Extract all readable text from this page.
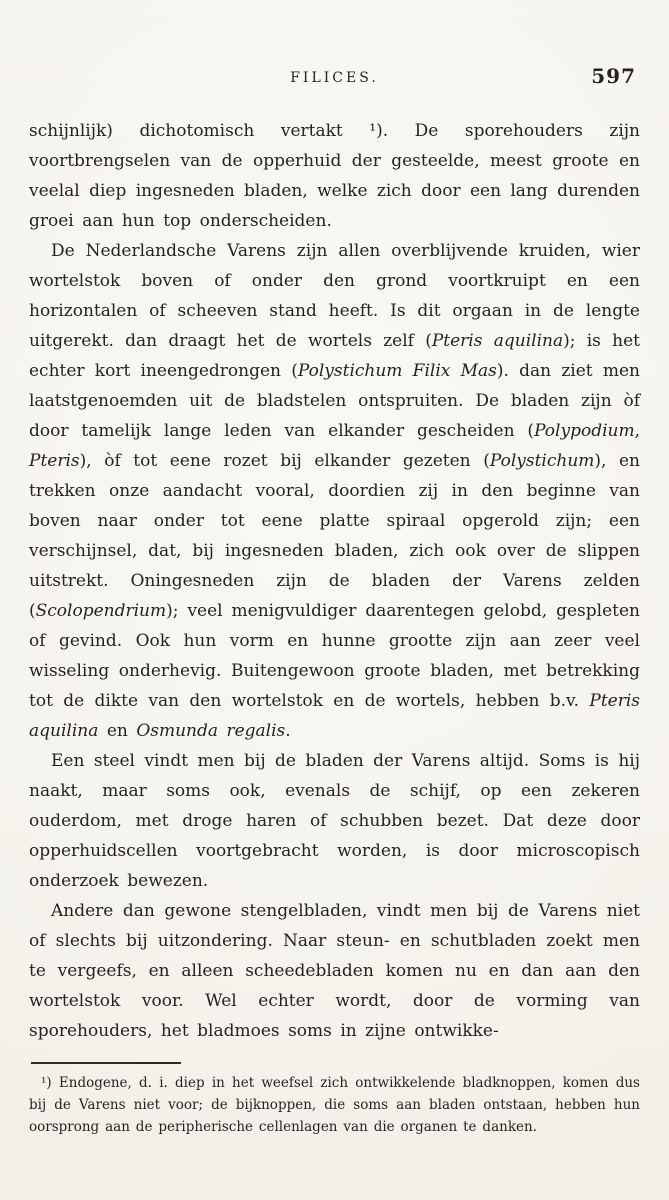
FILICES.	597

schijnlijk) dichotomisch vertakt ¹). De sporehouders zijn voortbrengselen van de opperhuid der gesteelde, meest groote en veelal diep ingesneden bladen, welke zich door een lang durenden groei aan hun top onderscheiden.

De Nederlandsche Varens zijn allen overblijvende kruiden, wier wortelstok boven of onder den grond voortkruipt en een horizontalen of scheeven stand heeft. Is dit orgaan in de lengte uitgerekt. dan draagt het de wortels zelf (Pteris aquilina); is het echter kort ineengedrongen (Polystichum Filix Mas). dan ziet men laatstgenoemden uit de bladstelen ontspruiten. De bladen zijn òf door tamelijk lange leden van elkander gescheiden (Polypodium, Pteris), òf tot eene rozet bij elkander gezeten (Polystichum), en trekken onze aandacht vooral, doordien zij in den beginne van boven naar onder tot eene platte spiraal opgerold zijn; een verschijnsel, dat, bij ingesneden bladen, zich ook over de slippen uitstrekt. Oningesneden zijn de bladen der Varens zelden (Scolopendrium); veel menigvuldiger daarentegen gelobd, gespleten of gevind. Ook hun vorm en hunne grootte zijn aan zeer veel wisseling onderhevig. Buitengewoon groote bladen, met betrekking tot de dikte van den wortelstok en de wortels, hebben b.v. Pteris aquilina en Osmunda regalis.

Een steel vindt men bij de bladen der Varens altijd. Soms is hij naakt, maar soms ook, evenals de schijf, op een zekeren ouderdom, met droge haren of schubben bezet. Dat deze door opperhuidscellen voortgebracht worden, is door microscopisch onderzoek bewezen.

Andere dan gewone stengelbladen, vindt men bij de Varens niet of slechts bij uitzondering. Naar steun- en schutbladen zoekt men te vergeefs, en alleen scheedebladen komen nu en dan aan den wortelstok voor. Wel echter wordt, door de vorming van sporehouders, het bladmoes soms in zijne ontwikke-

¹) Endogene, d. i. diep in het weefsel zich ontwikkelende bladknoppen, komen dus bij de Varens niet voor; de bijknoppen, die soms aan bladen ontstaan, hebben hun oorsprong aan de peripherische cellenlagen van die organen te danken.
